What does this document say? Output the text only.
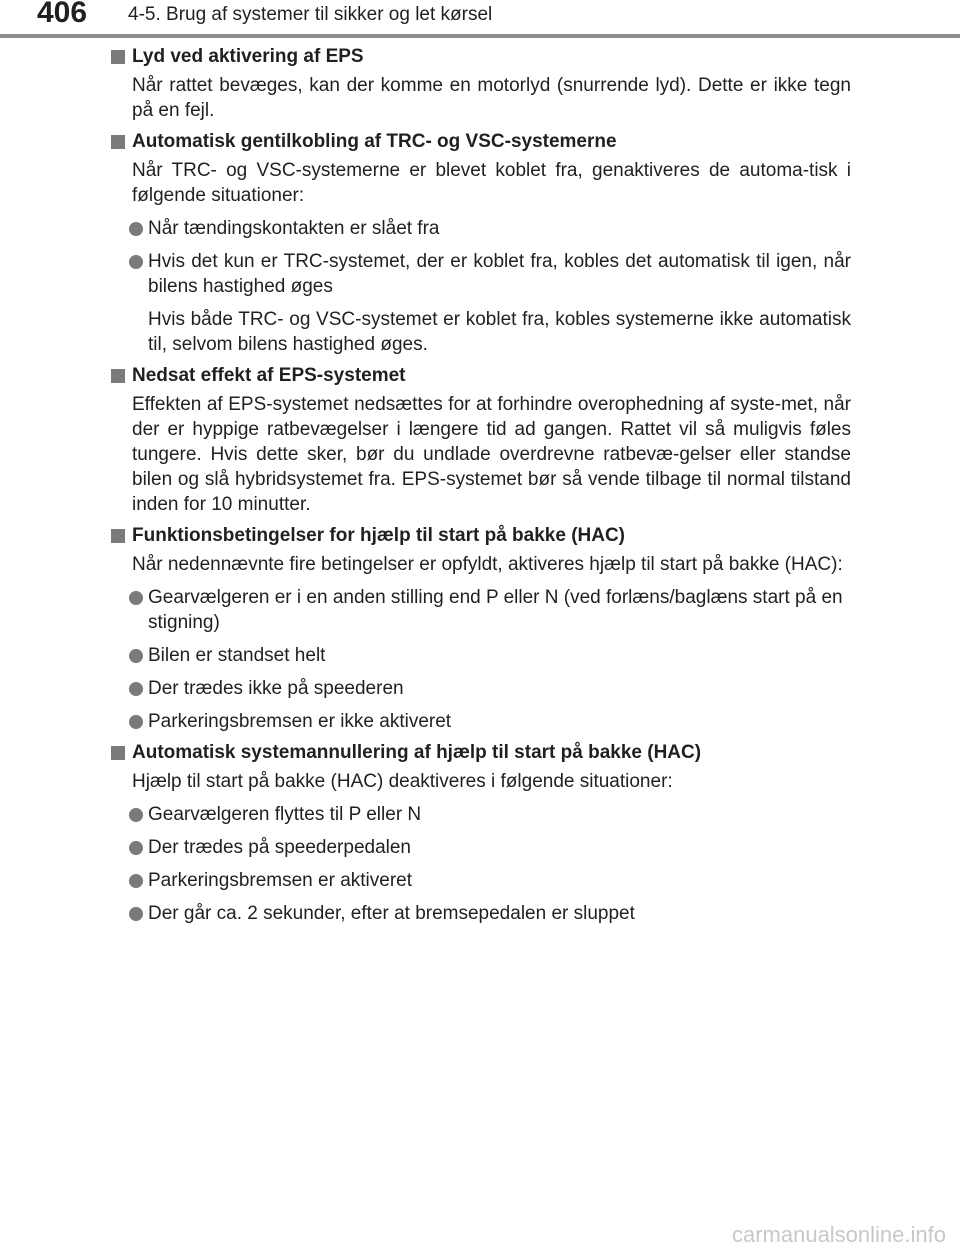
406 4-5. Brug af systemer til sikker og let kørsel
Lyd ved aktivering af EPS
Når rattet bevæges, kan der komme en motorlyd (snurrende lyd). Dette er ikke tegn på en fejl.
Automatisk gentilkobling af TRC- og VSC-systemerne
Når TRC- og VSC-systemerne er blevet koblet fra, genaktiveres de automa-tisk i følgende situationer:
Når tændingskontakten er slået fra
Hvis det kun er TRC-systemet, der er koblet fra, kobles det automatisk til igen, når bilens hastighed øges
Hvis både TRC- og VSC-systemet er koblet fra, kobles systemerne ikke automatisk til, selvom bilens hastighed øges.
Nedsat effekt af EPS-systemet
Effekten af EPS-systemet nedsættes for at forhindre overophedning af syste-met, når der er hyppige ratbevægelser i længere tid ad gangen. Rattet vil så muligvis føles tungere. Hvis dette sker, bør du undlade overdrevne ratbevæ-gelser eller standse bilen og slå hybridsystemet fra. EPS-systemet bør så vende tilbage til normal tilstand inden for 10 minutter.
Funktionsbetingelser for hjælp til start på bakke (HAC)
Når nedennævnte fire betingelser er opfyldt, aktiveres hjælp til start på bakke (HAC):
Gearvælgeren er i en anden stilling end P eller N (ved forlæns/baglæns start på en stigning)
Bilen er standset helt
Der trædes ikke på speederen
Parkeringsbremsen er ikke aktiveret
Automatisk systemannullering af hjælp til start på bakke (HAC)
Hjælp til start på bakke (HAC) deaktiveres i følgende situationer:
Gearvælgeren flyttes til P eller N
Der trædes på speederpedalen
Parkeringsbremsen er aktiveret
Der går ca. 2 sekunder, efter at bremsepedalen er sluppet
carmanualsonline.info
